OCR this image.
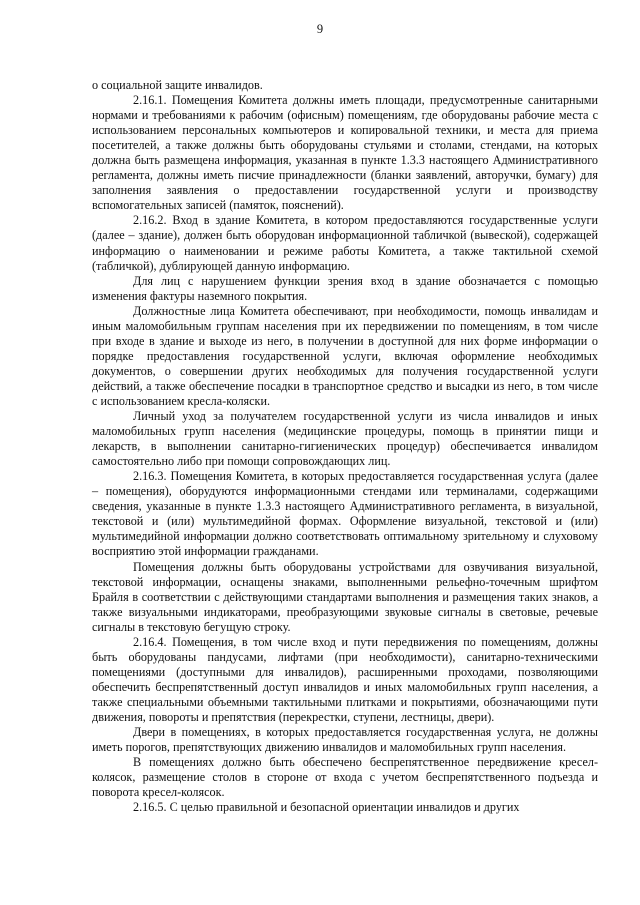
9

о социальной защите инвалидов.

2.16.1. Помещения Комитета должны иметь площади, предусмотренные санитарными нормами и требованиями к рабочим (офисным) помещениям, где оборудованы рабочие места с использованием персональных компьютеров и копировальной техники, и места для приема посетителей, а также должны быть оборудованы стульями и столами, стендами, на которых должна быть размещена информация, указанная в пункте 1.3.3 настоящего Административного регламента, должны иметь писчие принадлежности (бланки заявлений, авторучки, бумагу) для заполнения заявления о предоставлении государственной услуги и производству вспомогательных записей (памяток, пояснений).

2.16.2. Вход в здание Комитета, в котором предоставляются государственные услуги (далее – здание), должен быть оборудован информационной табличкой (вывеской), содержащей информацию о наименовании и режиме работы Комитета, а также тактильной схемой (табличкой), дублирующей данную информацию.

Для лиц с нарушением функции зрения вход в здание обозначается с помощью изменения фактуры наземного покрытия.

Должностные лица Комитета обеспечивают, при необходимости, помощь инвалидам и иным маломобильным группам населения при их передвижении по помещениям, в том числе при входе в здание и выходе из него, в получении в доступной для них форме информации о порядке предоставления государственной услуги, включая оформление необходимых документов, о совершении других необходимых для получения государственной услуги действий, а также обеспечение посадки в транспортное средство и высадки из него, в том числе с использованием кресла-коляски.

Личный уход за получателем государственной услуги из числа инвалидов и иных маломобильных групп населения (медицинские процедуры, помощь в принятии пищи и лекарств, в выполнении санитарно-гигиенических процедур) обеспечивается инвалидом самостоятельно либо при помощи сопровождающих лиц.

2.16.3. Помещения Комитета, в которых предоставляется государственная услуга (далее – помещения), оборудуются информационными стендами или терминалами, содержащими сведения, указанные в пункте 1.3.3 настоящего Административного регламента, в визуальной, текстовой и (или) мультимедийной формах. Оформление визуальной, текстовой и (или) мультимедийной информации должно соответствовать оптимальному зрительному и слуховому восприятию этой информации гражданами.

Помещения должны быть оборудованы устройствами для озвучивания визуальной, текстовой информации, оснащены знаками, выполненными рельефно-точечным шрифтом Брайля в соответствии с действующими стандартами выполнения и размещения таких знаков, а также визуальными индикаторами, преобразующими звуковые сигналы в световые, речевые сигналы в текстовую бегущую строку.

2.16.4. Помещения, в том числе вход и пути передвижения по помещениям, должны быть оборудованы пандусами, лифтами (при необходимости), санитарно-техническими помещениями (доступными для инвалидов), расширенными проходами, позволяющими обеспечить беспрепятственный доступ инвалидов и иных маломобильных групп населения, а также специальными объемными тактильными плитками и покрытиями, обозначающими пути движения, повороты и препятствия (перекрестки, ступени, лестницы, двери).

Двери в помещениях, в которых предоставляется государственная услуга, не должны иметь порогов, препятствующих движению инвалидов и маломобильных групп населения.

В помещениях должно быть обеспечено беспрепятственное передвижение кресел-колясок, размещение столов в стороне от входа с учетом беспрепятственного подъезда и поворота кресел-колясок.

2.16.5. С целью правильной и безопасной ориентации инвалидов и других
